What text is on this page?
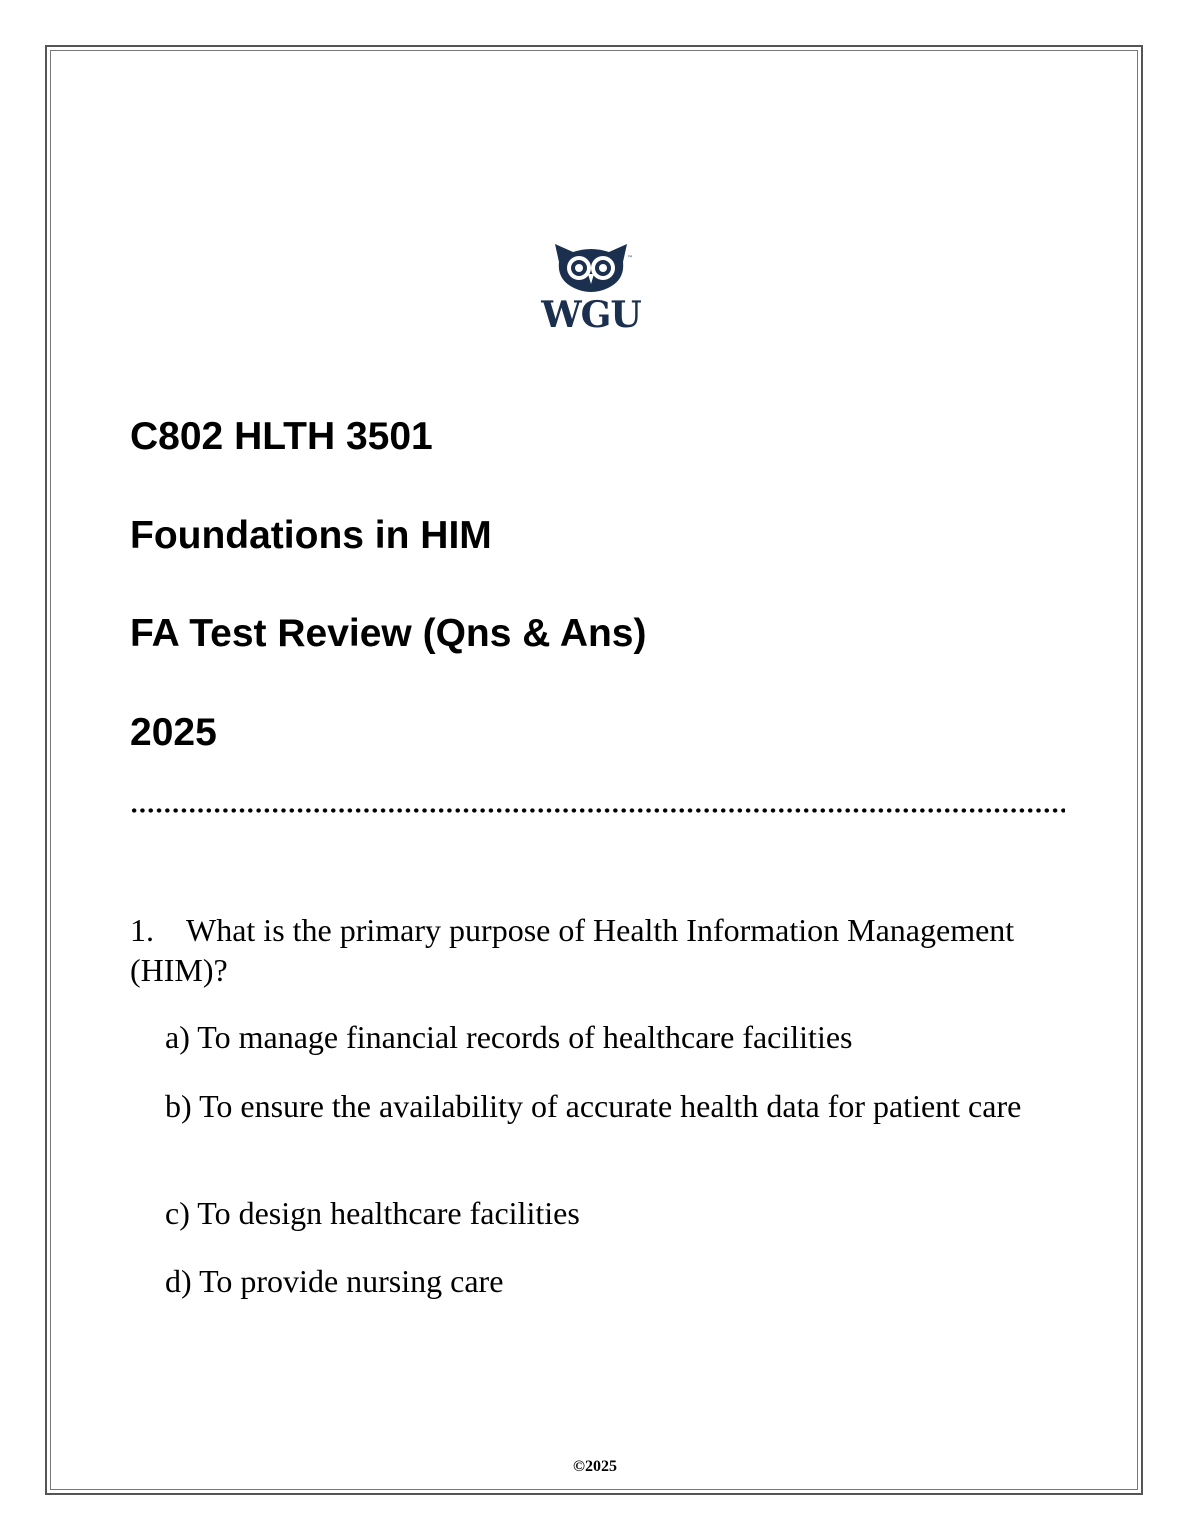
™
WGU
C802 HLTH 3501
Foundations in HIM
FA Test Review (Qns & Ans)
2025
1. What is the primary purpose of Health Information Management (HIM)?
a) To manage financial records of healthcare facilities
b) To ensure the availability of accurate health data for patient care
c) To design healthcare facilities
d) To provide nursing care
©2025
